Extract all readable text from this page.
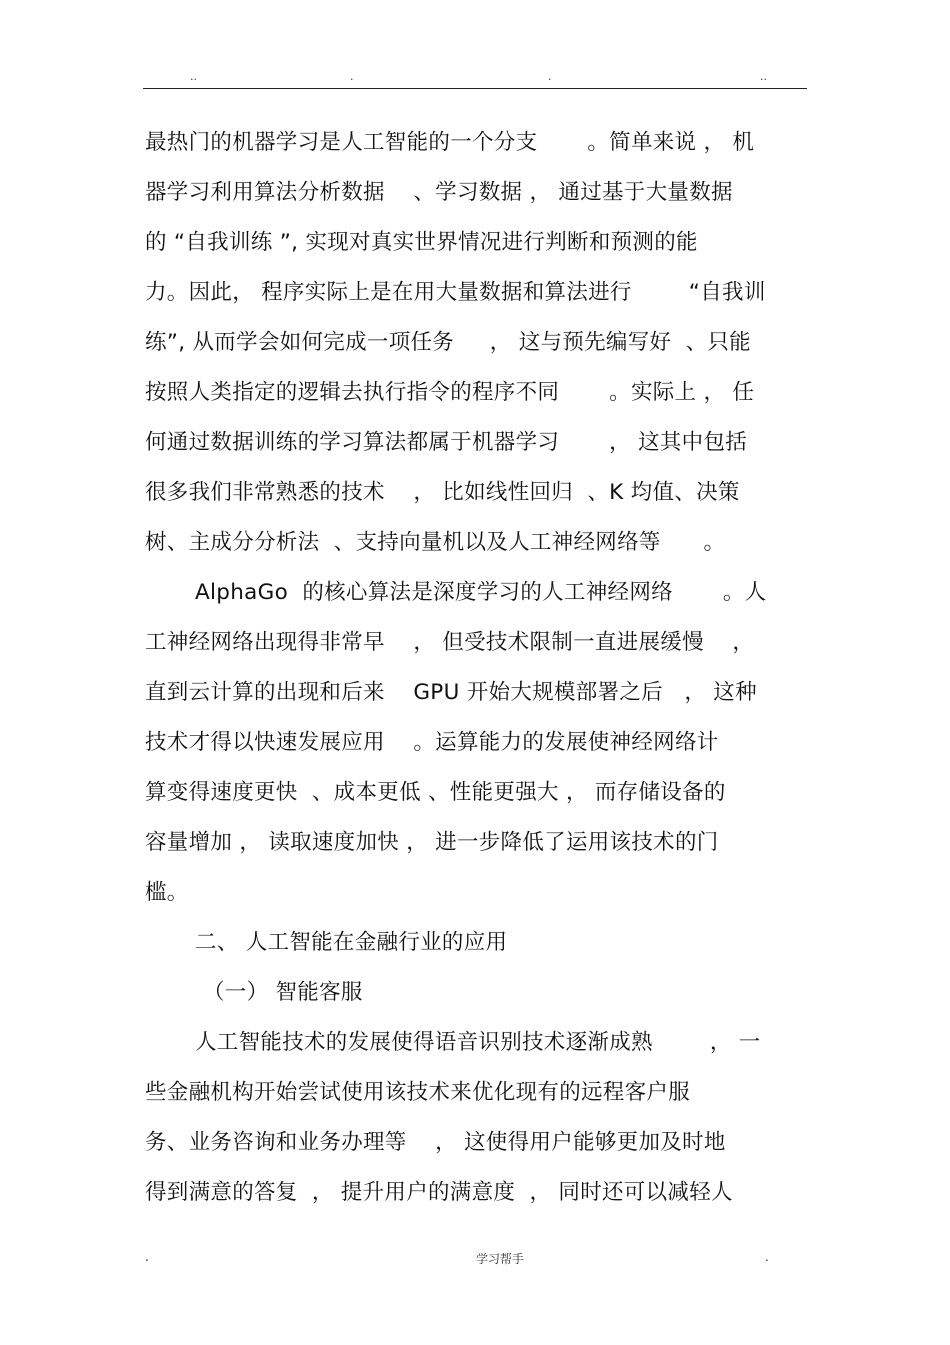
..	.	.	..
最热门的机器学习是人工智能的一个分支       。简单来说 ， 机
器学习利用算法分析数据    、学习数据 ， 通过基于大量数据
的 “自我训练 ”, 实现对真实世界情况进行判断和预测的能
力。因此， 程序实际上是在用大量数据和算法进行        “自我训
练”, 从而学会如何完成一项任务     ， 这与预先编写好  、只能
按照人类指定的逻辑去执行指令的程序不同       。实际上 ， 任
何通过数据训练的学习算法都属于机器学习       ， 这其中包括
很多我们非常熟悉的技术    ， 比如线性回归  、K 均值、决策
树、主成分分析法  、支持向量机以及人工神经网络等      。
AlphaGo  的核心算法是深度学习的人工神经网络       。人
工神经网络出现得非常早    ， 但受技术限制一直进展缓慢    ，
直到云计算的出现和后来    GPU 开始大规模部署之后   ， 这种
技术才得以快速发展应用    。运算能力的发展使神经网络计
算变得速度更快  、成本更低 、性能更强大 ， 而存储设备的
容量增加 ， 读取速度加快 ， 进一步降低了运用该技术的门
槛。
二、 人工智能在金融行业的应用
（一） 智能客服
人工智能技术的发展使得语音识别技术逐渐成熟        ， 一
些金融机构开始尝试使用该技术来优化现有的远程客户服
务、业务咨询和业务办理等    ， 这使得用户能够更加及时地
得到满意的答复  ， 提升用户的满意度  ， 同时还可以减轻人
.	学习帮手	.
